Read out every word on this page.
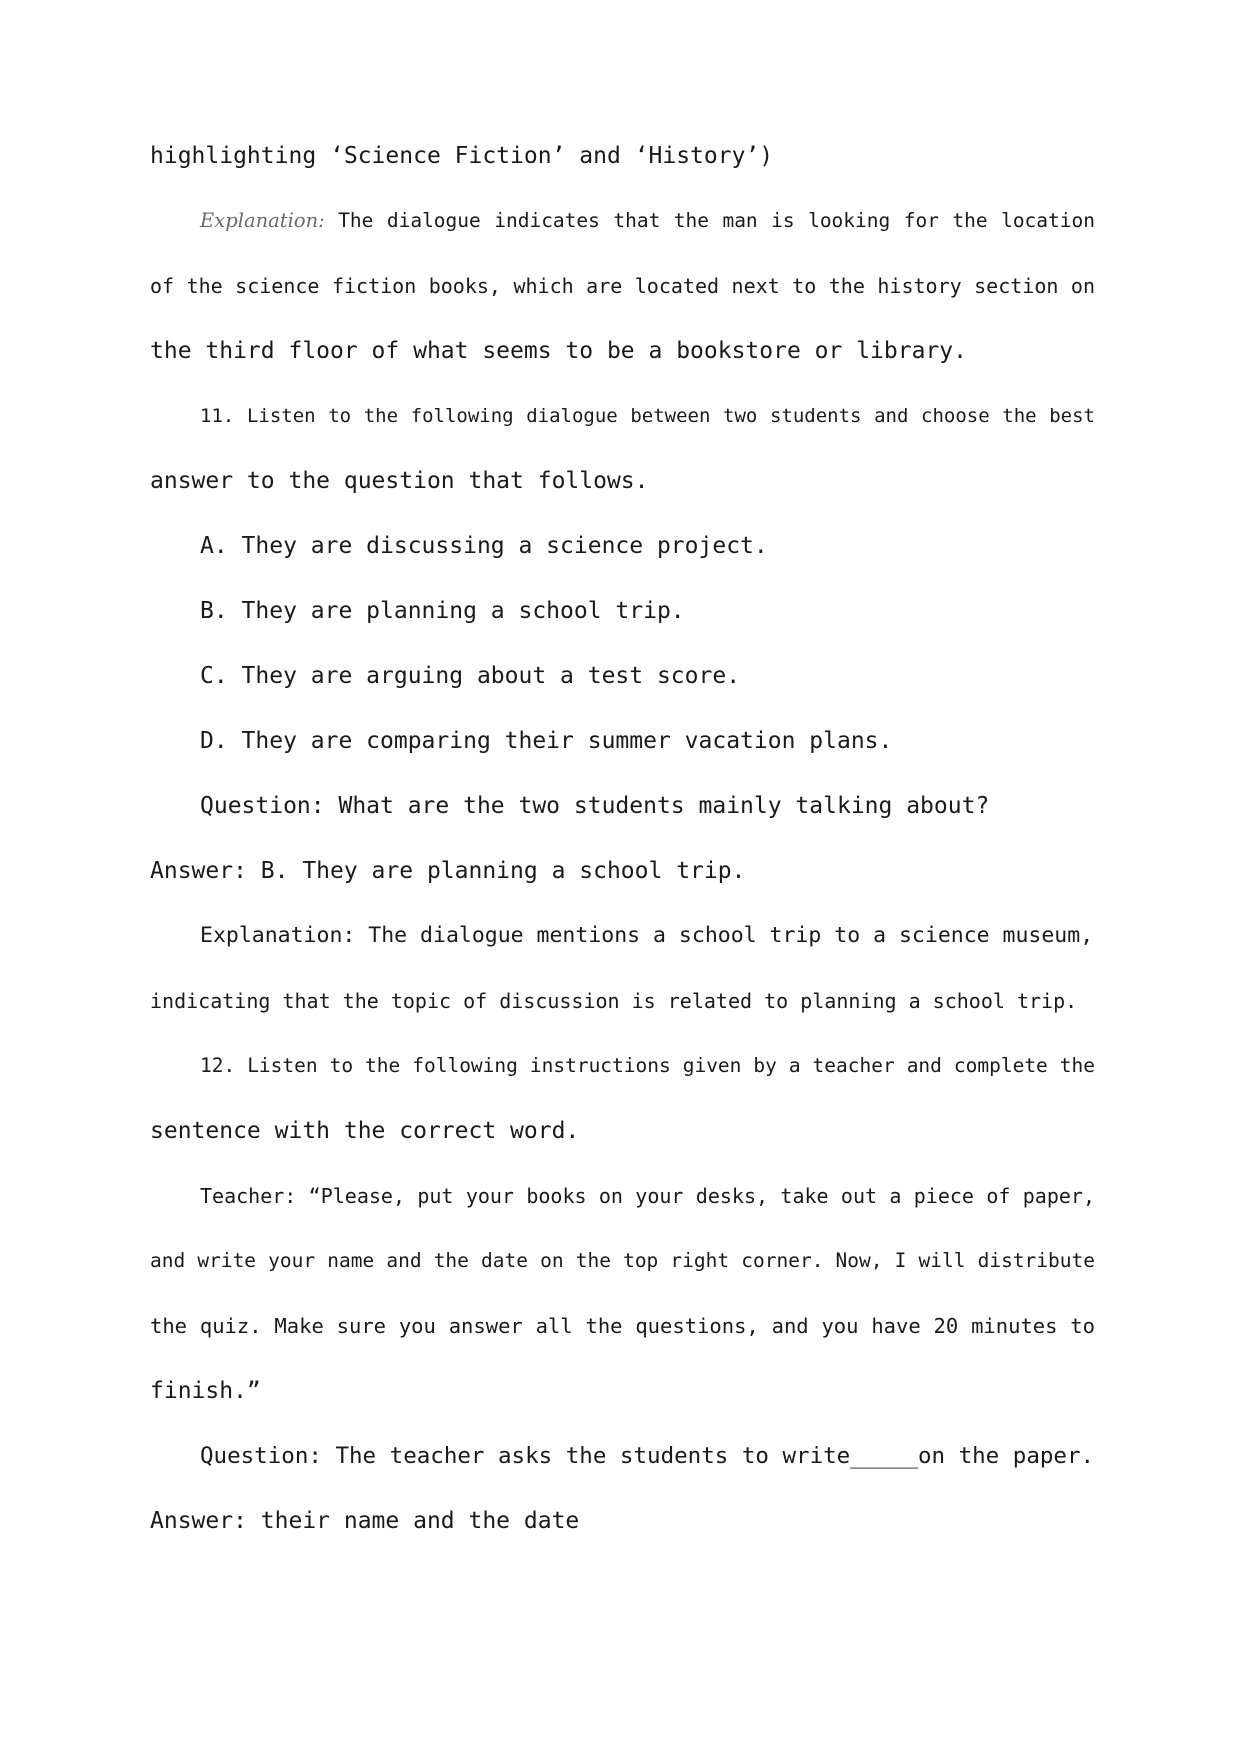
highlighting ‘Science Fiction’ and ‘History’)
Explanation: The dialogue indicates that the man is looking for the location
of the science fiction books, which are located next to the history section on
the third floor of what seems to be a bookstore or library.
11. Listen to the following dialogue between two students and choose the best
answer to the question that follows.
A. They are discussing a science project.
B. They are planning a school trip.
C. They are arguing about a test score.
D. They are comparing their summer vacation plans.
Question: What are the two students mainly talking about?
Answer: B. They are planning a school trip.
Explanation: The dialogue mentions a school trip to a science museum,
indicating that the topic of discussion is related to planning a school trip.
12. Listen to the following instructions given by a teacher and complete the
sentence with the correct word.
Teacher: “Please, put your books on your desks, take out a piece of paper,
and write your name and the date on the top right corner. Now, I will distribute
the quiz. Make sure you answer all the questions, and you have 20 minutes to
finish.”
Question: The teacher asks the students to write_____on the paper.
Answer: their name and the date
